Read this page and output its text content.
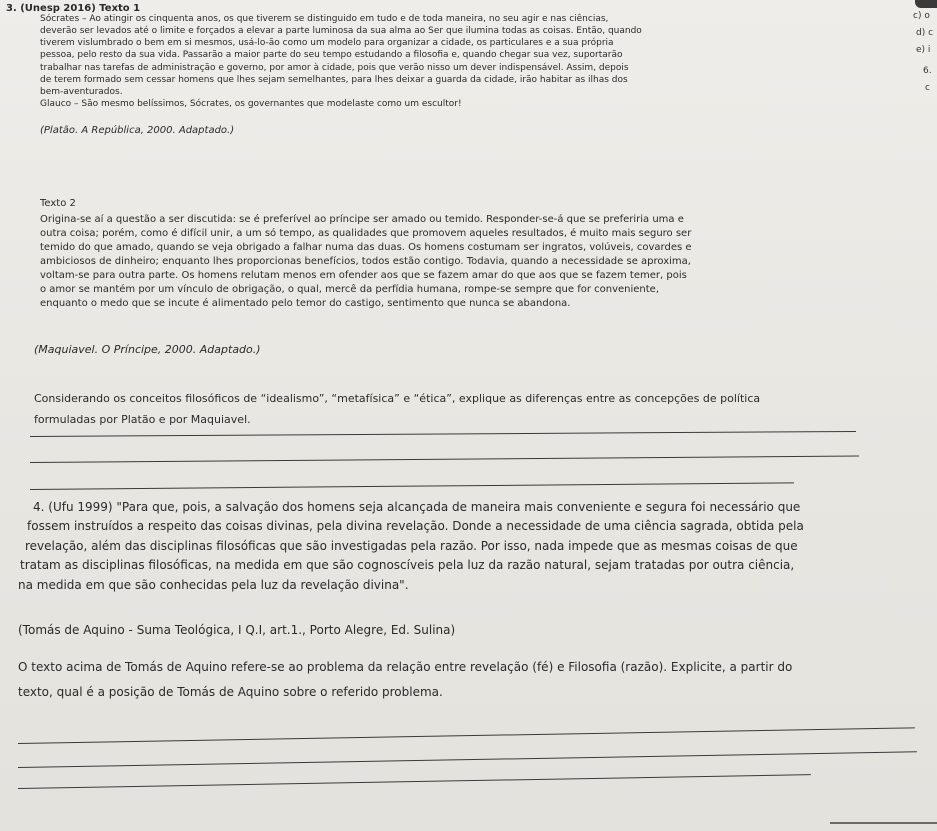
3. (Unesp 2016) Texto 1
c) o
d) c
e) i
6.
c
Sócrates – Ao atingir os cinquenta anos, os que tiverem se distinguido em tudo e de toda maneira, no seu agir e nas ciências,
deverão ser levados até o limite e forçados a elevar a parte luminosa da sua alma ao Ser que ilumina todas as coisas. Então, quando
tiverem vislumbrado o bem em si mesmos, usá-lo-ão como um modelo para organizar a cidade, os particulares e a sua própria
pessoa, pelo resto da sua vida. Passarão a maior parte do seu tempo estudando a filosofia e, quando chegar sua vez, suportarão
trabalhar nas tarefas de administração e governo, por amor à cidade, pois que verão nisso um dever indispensável. Assim, depois
de terem formado sem cessar homens que lhes sejam semelhantes, para lhes deixar a guarda da cidade, irão habitar as ilhas dos
bem-aventurados.
Glauco – São mesmo belíssimos, Sócrates, os governantes que modelaste como um escultor!
(Platão. A República, 2000. Adaptado.)
Texto 2
Origina-se aí a questão a ser discutida: se é preferível ao príncipe ser amado ou temido. Responder-se-á que se preferiria uma e
outra coisa; porém, como é difícil unir, a um só tempo, as qualidades que promovem aqueles resultados, é muito mais seguro ser
temido do que amado, quando se veja obrigado a falhar numa das duas. Os homens costumam ser ingratos, volúveis, covardes e
ambiciosos de dinheiro; enquanto lhes proporcionas benefícios, todos estão contigo. Todavia, quando a necessidade se aproxima,
voltam-se para outra parte. Os homens relutam menos em ofender aos que se fazem amar do que aos que se fazem temer, pois
o amor se mantém por um vínculo de obrigação, o qual, mercê da perfídia humana, rompe-se sempre que for conveniente,
enquanto o medo que se incute é alimentado pelo temor do castigo, sentimento que nunca se abandona.
(Maquiavel. O Príncipe, 2000. Adaptado.)
Considerando os conceitos filosóficos de “idealismo”, “metafísica” e “ética”, explique as diferenças entre as concepções de política
formuladas por Platão e por Maquiavel.
4. (Ufu 1999) "Para que, pois, a salvação dos homens seja alcançada de maneira mais conveniente e segura foi necessário que
fossem instruídos a respeito das coisas divinas, pela divina revelação. Donde a necessidade de uma ciência sagrada, obtida pela
revelação, além das disciplinas filosóficas que são investigadas pela razão. Por isso, nada impede que as mesmas coisas de que
tratam as disciplinas filosóficas, na medida em que são cognoscíveis pela luz da razão natural, sejam tratadas por outra ciência,
na medida em que são conhecidas pela luz da revelação divina".
(Tomás de Aquino - Suma Teológica, I Q.I, art.1., Porto Alegre, Ed. Sulina)
O texto acima de Tomás de Aquino refere-se ao problema da relação entre revelação (fé) e Filosofia (razão). Explicite, a partir do
texto, qual é a posição de Tomás de Aquino sobre o referido problema.
